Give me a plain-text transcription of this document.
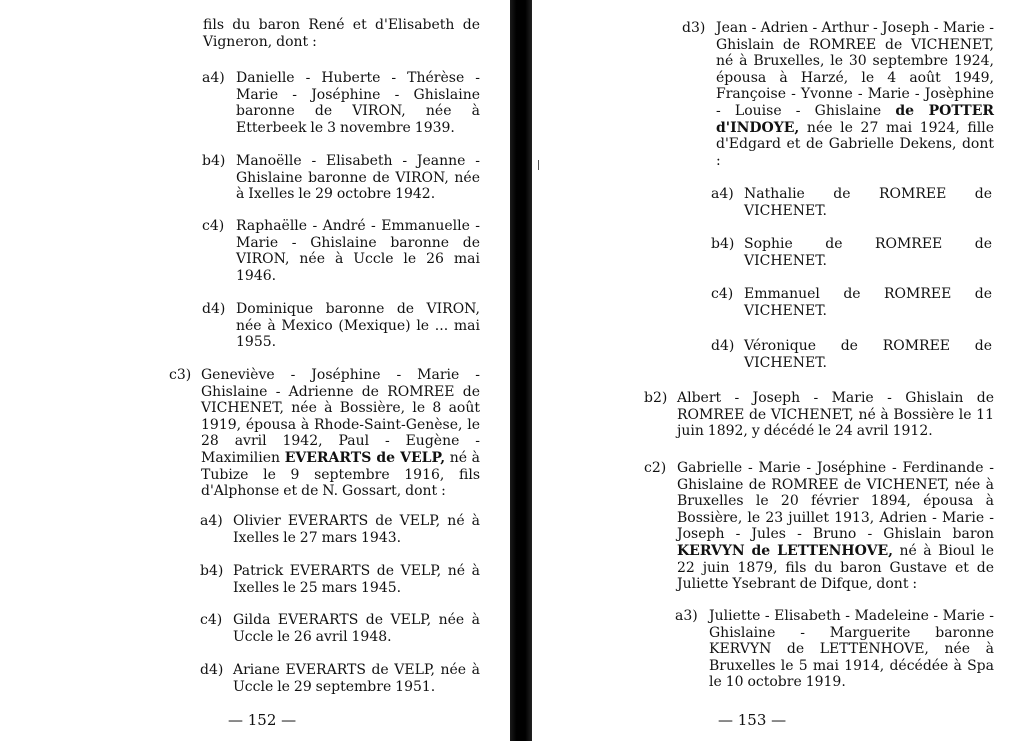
fils du baron René et d'Elisabeth de Vigneron, dont :

a4) Danielle - Huberte - Thérèse - Marie - Joséphine - Ghislaine baronne de VIRON, née à Etterbeek le 3 novembre 1939.

b4) Manoëlle - Elisabeth - Jeanne - Ghislaine baronne de VIRON, née à Ixelles le 29 octobre 1942.

c4) Raphaëlle - André - Emmanuelle - Marie - Ghislaine baronne de VIRON, née à Uccle le 26 mai 1946.

d4) Dominique baronne de VIRON, née à Mexico (Mexique) le ... mai 1955.

c3) Geneviève - Joséphine - Marie - Ghislaine - Adrienne de ROMREE de VICHENET, née à Bossière, le 8 août 1919, épousa à Rhode-Saint-Genèse, le 28 avril 1942, Paul - Eugène - Maximilien EVERARTS de VELP, né à Tubize le 9 septembre 1916, fils d'Alphonse et de N. Gossart, dont :

a4) Olivier EVERARTS de VELP, né à Ixelles le 27 mars 1943.

b4) Patrick EVERARTS de VELP, né à Ixelles le 25 mars 1945.

c4) Gilda EVERARTS de VELP, née à Uccle le 26 avril 1948.

d4) Ariane EVERARTS de VELP, née à Uccle le 29 septembre 1951.

— 152 —
d3) Jean - Adrien - Arthur - Joseph - Marie - Ghislain de ROMREE de VICHENET, né à Bruxelles, le 30 septembre 1924, épousa à Harzé, le 4 août 1949, Françoise - Yvonne - Marie - Josèphine - Louise - Ghislaine de POTTER d'INDOYE, née le 27 mai 1924, fille d'Edgard et de Gabrielle Dekens, dont :

a4) Nathalie de ROMREE de VICHENET.

b4) Sophie de ROMREE de VICHENET.

c4) Emmanuel de ROMREE de VICHENET.

d4) Véronique de ROMREE de VICHENET.

b2) Albert - Joseph - Marie - Ghislain de ROMREE de VICHENET, né à Bossière le 11 juin 1892, y décédé le 24 avril 1912.

c2) Gabrielle - Marie - Joséphine - Ferdinande - Ghislaine de ROMREE de VICHENET, née à Bruxelles le 20 février 1894, épousa à Bossière, le 23 juillet 1913, Adrien - Marie - Joseph - Jules - Bruno - Ghislain baron KERVYN de LETTENHOVE, né à Bioul le 22 juin 1879, fils du baron Gustave et de Juliette Ysebrant de Difque, dont :

a3) Juliette - Elisabeth - Madeleine - Marie - Ghislaine - Marguerite baronne KERVYN de LETTENHOVE, née à Bruxelles le 5 mai 1914, décédée à Spa le 10 octobre 1919.

— 153 —
